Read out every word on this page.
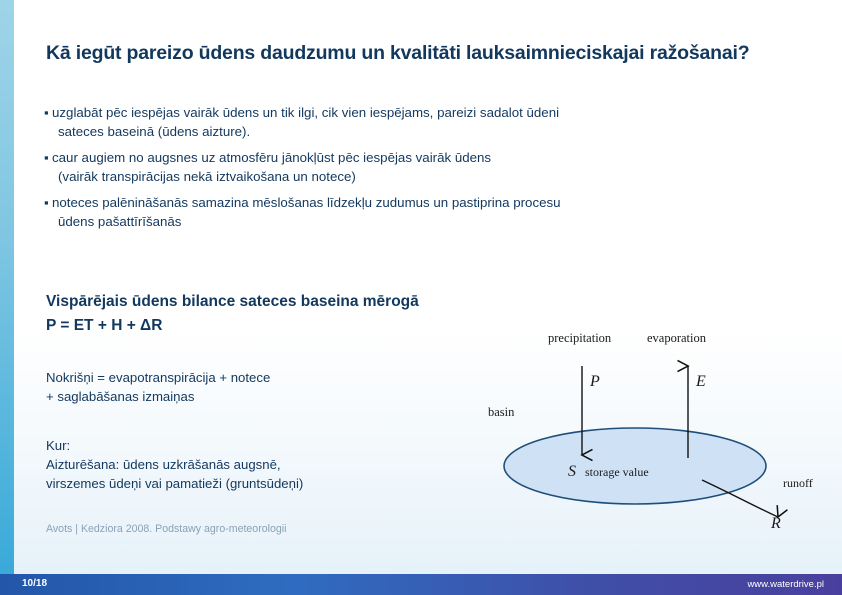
Kā iegūt pareizo ūdens daudzumu un kvalitāti lauksaimnieciskajai ražošanai?
▪ uzglabāt pēc iespējas vairāk ūdens un tik ilgi, cik vien iespējams, pareizi sadalot ūdeni
sateces baseinā (ūdens aizture).
▪ caur augiem no augsnes uz atmosfēru jānokļūst pēc iespējas vairāk ūdens
(vairāk transpirācijas nekā iztvaikošana un notece)
▪ noteces palēnināšanās samazina mēslošanas līdzekļu zudumus un pastiprina procesu
ūdens pašattīrīšanās
Vispārējais ūdens bilance sateces baseina mērogā
P = ET + H + ΔR
Nokrišņi = evapotranspirācija + notece
+ saglabāšanas izmaiņas
Kur:
Aizturēšana: ūdens uzkrāšanās augsnē,
virszemes ūdeņi vai pamatieži (gruntsūdeņi)
Avots | Kedziora 2008. Podstawy agro-meteorologii
precipitation	evaporation
basin
P	E
S storage value
runoff
R
10/18	www.waterdrive.pl
